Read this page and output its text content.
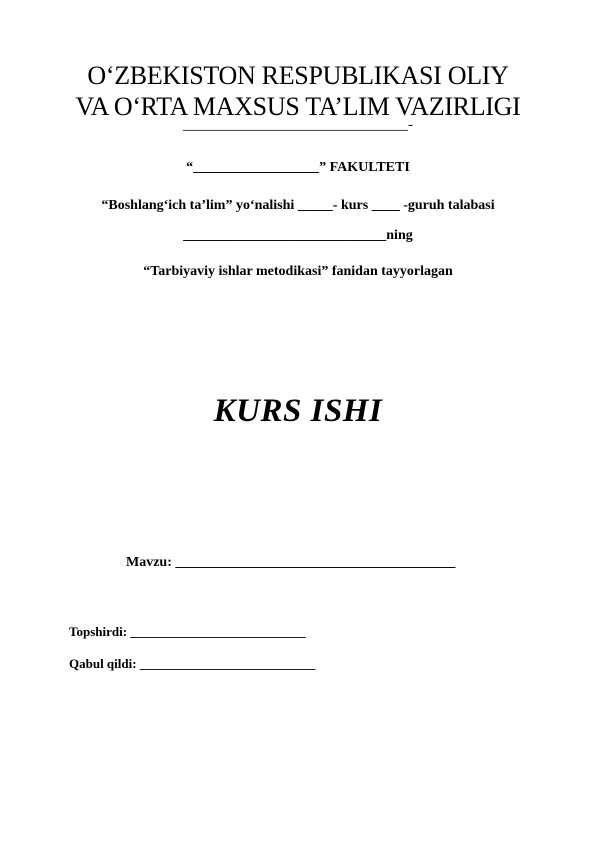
O‘ZBEKISTON RESPUBLIKASI OLIY
VA O‘RTA MAXSUS TA’LIM VAZIRLIGI
______________________________-
“__________________” FAKULTETI
“Boshlang‘ich ta’lim” yo‘nalishi _____- kurs ____ -guruh talabasi
_____________________________ning
“Tarbiyaviy ishlar metodikasi” fanidan tayyorlagan
KURS ISHI
Mavzu: ________________________________________
Topshirdi: ___________________________
Qabul qildi: ___________________________
